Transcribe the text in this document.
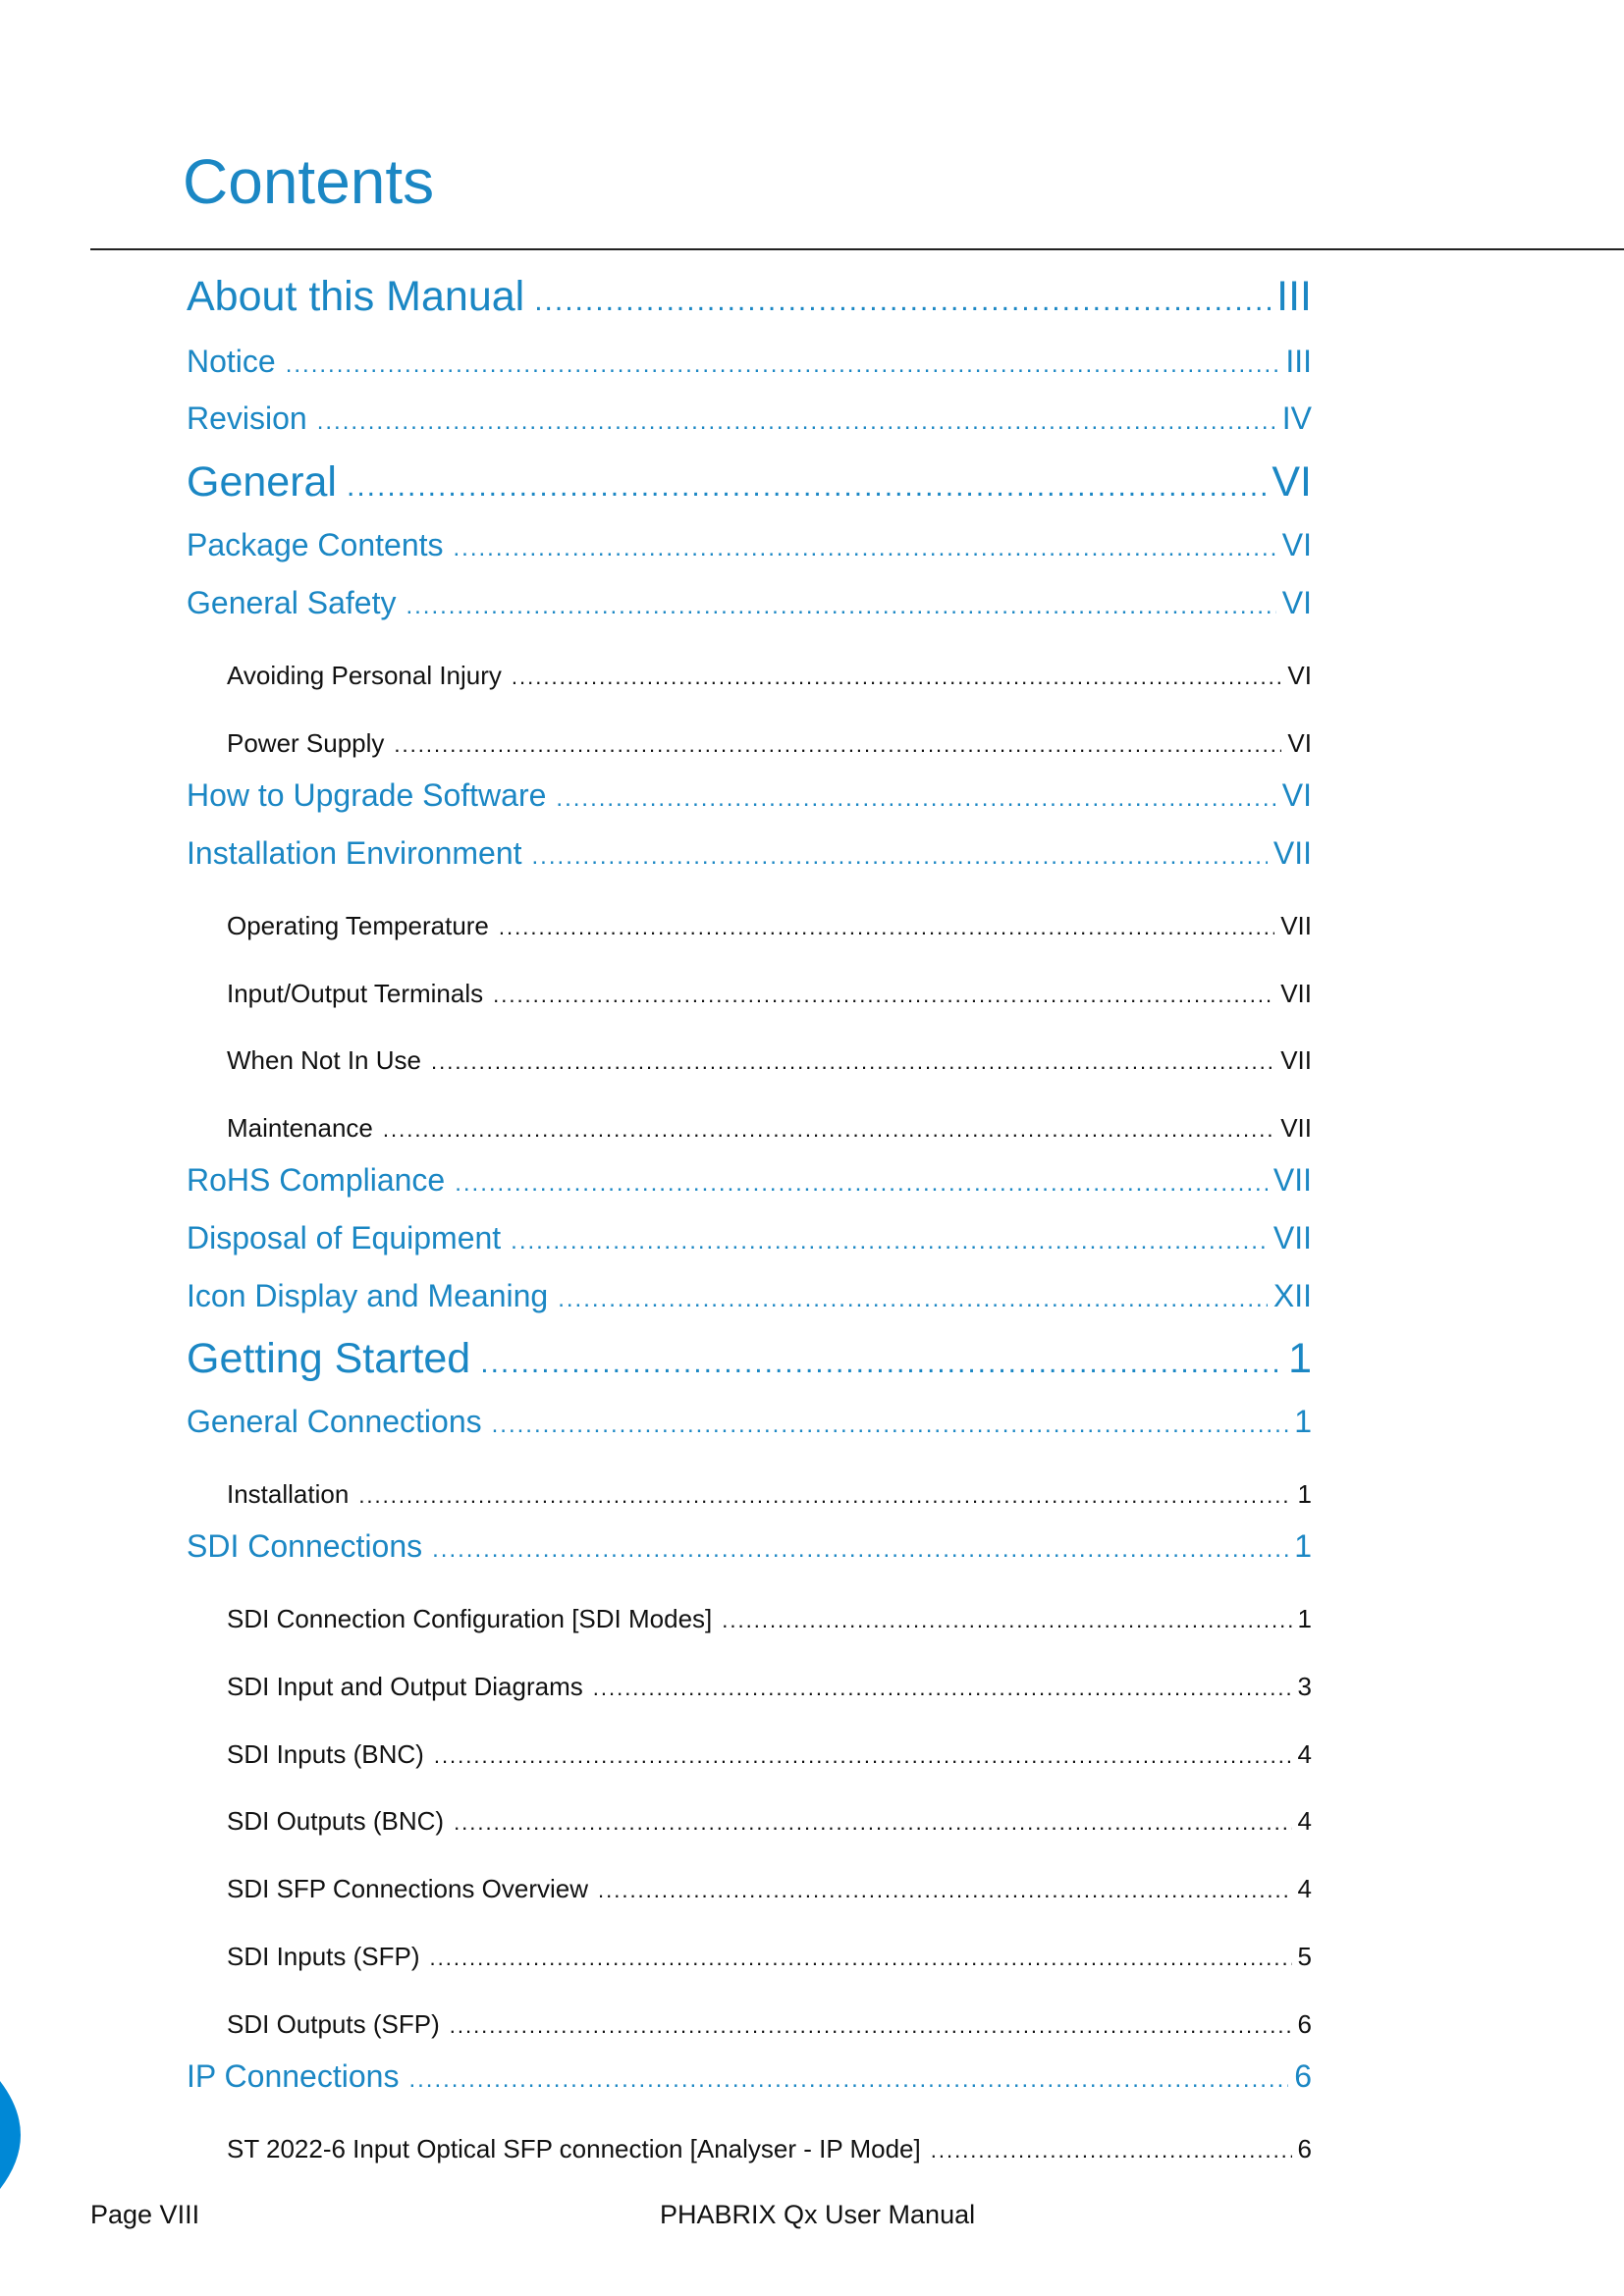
Contents
About this Manual .....	III
Notice .....	III
Revision .....	IV
General .....	VI
Package Contents .....	VI
General Safety .....	VI
Avoiding Personal Injury .....	VI
Power Supply .....	VI
How to Upgrade Software .....	VI
Installation Environment .....	VII
Operating Temperature .....	VII
Input/Output Terminals .....	VII
When Not In Use .....	VII
Maintenance .....	VII
RoHS Compliance .....	VII
Disposal of Equipment .....	VII
Icon Display and Meaning .....	XII
Getting Started .....	1
General Connections .....	1
Installation .....	1
SDI Connections .....	1
SDI Connection Configuration [SDI Modes] .....	1
SDI Input and Output Diagrams .....	3
SDI Inputs (BNC) .....	4
SDI Outputs (BNC) .....	4
SDI SFP Connections Overview .....	4
SDI Inputs (SFP) .....	5
SDI Outputs (SFP) .....	6
IP Connections .....	6
ST 2022-6 Input Optical SFP connection [Analyser - IP Mode] .....	6
Page VIII	PHABRIX Qx User Manual
